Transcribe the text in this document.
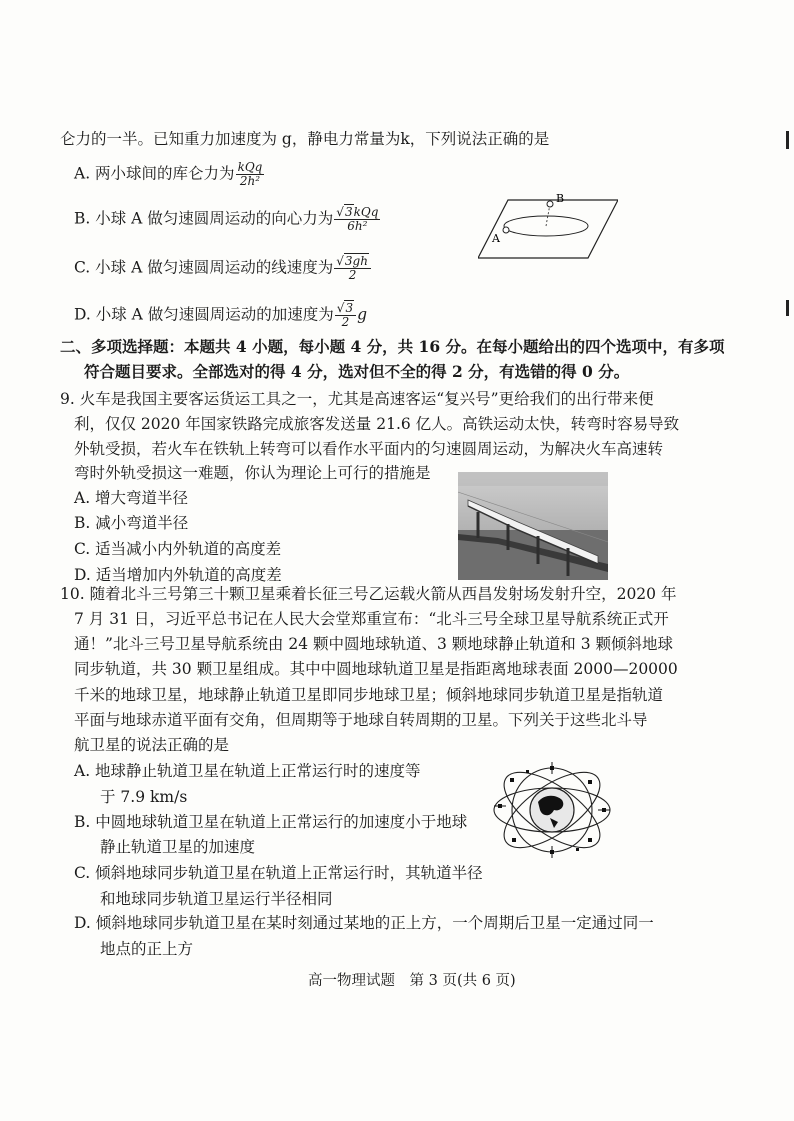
仑力的一半。已知重力加速度为 g，静电力常量为k，下列说法正确的是
A. 两小球间的库仑力为 $\frac{\text{kQq}}{\text{2h²}}$
B. 小球 A 做匀速圆周运动的向心力为 $\frac{\text{√3kQq}}{\text{6h²}}$
C. 小球 A 做匀速圆周运动的线速度为 $\frac{√3gh}{2}$
D. 小球 A 做匀速圆周运动的加速度为 $\frac{√3}{2}$ g
B
A
二、多项选择题：本题共 4 小题，每小题 4 分，共 16 分。在每小题给出的四个选项中，有多项
符合题目要求。全部选对的得 4 分，选对但不全的得 2 分，有选错的得 0 分。
9. 火车是我国主要客运货运工具之一，尤其是高速客运“复兴号”更给我们的出行带来便
利，仅仅 2020 年国家铁路完成旅客发送量 21.6 亿人。高铁运动太快，转弯时容易导致
外轨受损，若火车在铁轨上转弯可以看作水平面内的匀速圆周运动，为解决火车高速转
弯时外轨受损这一难题，你认为理论上可行的措施是
A. 增大弯道半径
B. 减小弯道半径
C. 适当减小内外轨道的高度差
D. 适当增加内外轨道的高度差
10. 随着北斗三号第三十颗卫星乘着长征三号乙运载火箭从西昌发射场发射升空，2020 年
7 月 31 日，习近平总书记在人民大会堂郑重宣布：“北斗三号全球卫星导航系统正式开
通！”北斗三号卫星导航系统由 24 颗中圆地球轨道、3 颗地球静止轨道和 3 颗倾斜地球
同步轨道，共 30 颗卫星组成。其中中圆地球轨道卫星是指距离地球表面 2000—20000
千米的地球卫星，地球静止轨道卫星即同步地球卫星；倾斜地球同步轨道卫星是指轨道
平面与地球赤道平面有交角，但周期等于地球自转周期的卫星。下列关于这些北斗导
航卫星的说法正确的是
A. 地球静止轨道卫星在轨道上正常运行时的速度等
于 7.9 km/s
B. 中圆地球轨道卫星在轨道上正常运行的加速度小于地球
静止轨道卫星的加速度
C. 倾斜地球同步轨道卫星在轨道上正常运行时，其轨道半径
和地球同步轨道卫星运行半径相同
D. 倾斜地球同步轨道卫星在某时刻通过某地的正上方，一个周期后卫星一定通过同一
地点的正上方
高一物理试题　第 3 页(共 6 页)
